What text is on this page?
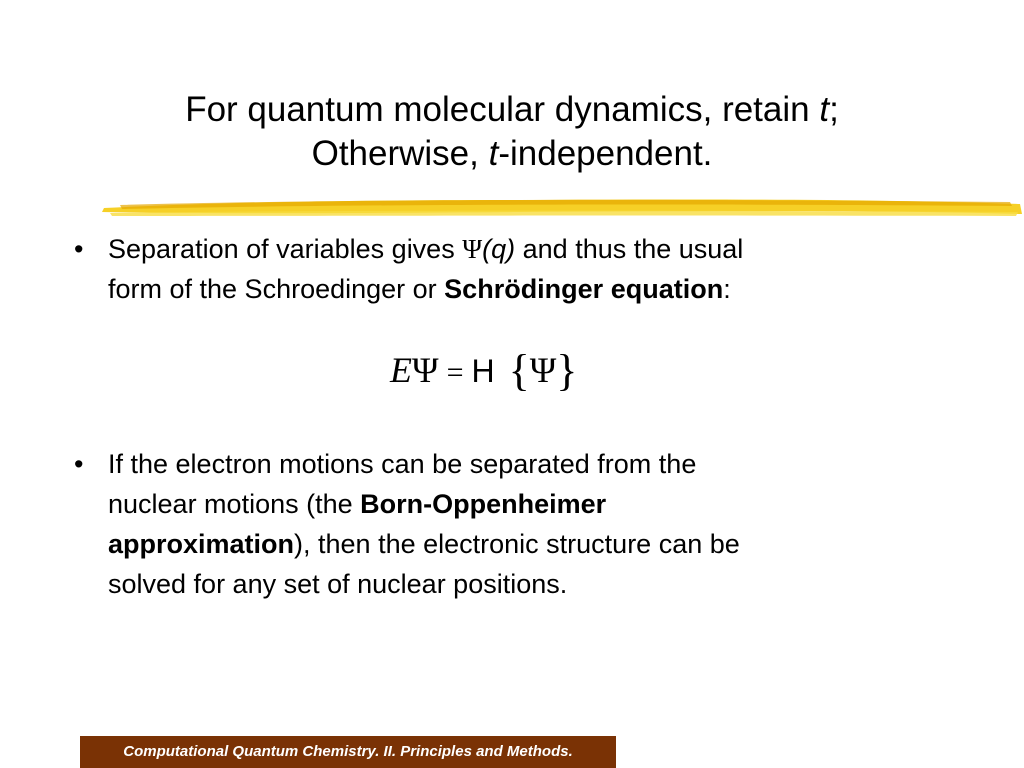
For quantum molecular dynamics, retain t;
Otherwise, t-independent.
• Separation of variables gives Ψ(q) and thus the usual
form of the Schroedinger or Schrödinger equation:
EΨ = H {Ψ}
• If the electron motions can be separated from the
nuclear motions (the Born-Oppenheimer
approximation), then the electronic structure can be
solved for any set of nuclear positions.
Computational Quantum Chemistry. II. Principles and Methods.
